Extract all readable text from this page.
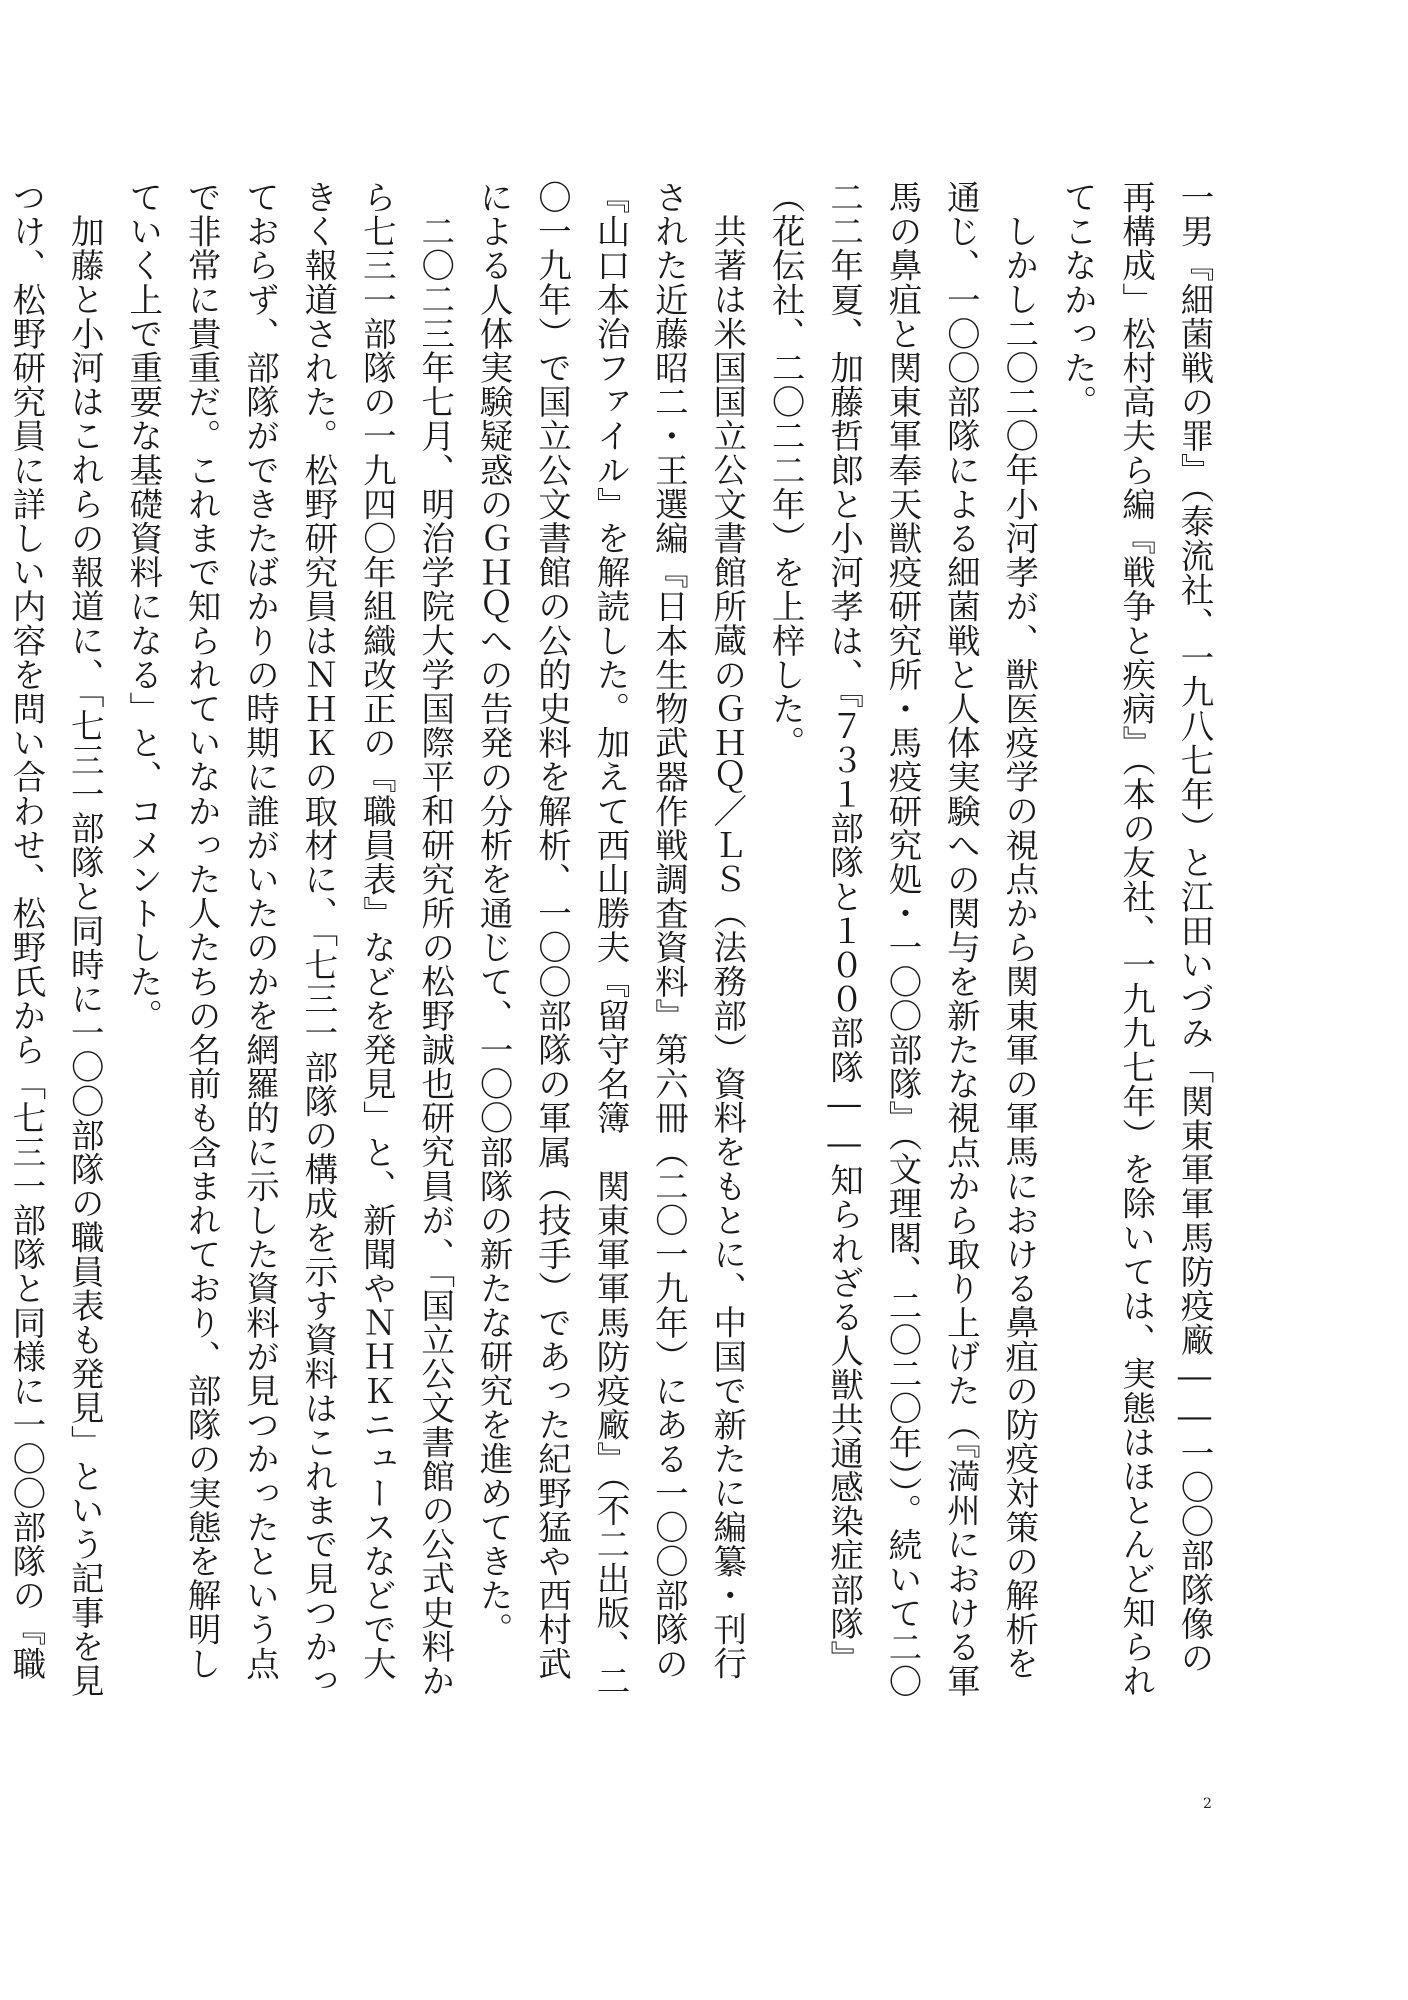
一男『細菌戦の罪』（泰流社、一九八七年）と江田いづみ「関東軍軍馬防疫廠――一〇〇部隊像の再構成」松村高夫ら編『戦争と疾病』（本の友社、一九九七年）を除いては、実態はほとんど知られてこなかった。

しかし二〇二〇年小河孝が、獣医疫学の視点から関東軍の軍馬における鼻疽の防疫対策の解析を通じ、一〇〇部隊による細菌戦と人体実験への関与を新たな視点から取り上げた（『満州における軍馬の鼻疽と関東軍奉天獣疫研究所・馬疫研究処・一〇〇部隊』（文理閣、二〇二〇年））。続いて二〇二二年夏、加藤哲郎と小河孝は、『７３１部隊と１００部隊――知られざる人獣共通感染症部隊』（花伝社、二〇二二年）を上梓した。

共著は米国国立公文書館所蔵のＧＨＱ／ＬＳ（法務部）資料をもとに、中国で新たに編纂・刊行された近藤昭二・王選編『日本生物武器作戦調査資料』第六冊（二〇一九年）にある一〇〇部隊の『山口本治ファイル』を解読した。加えて西山勝夫『留守名簿　関東軍軍馬防疫廠』（不二出版、二〇一九年）で国立公文書館の公的史料を解析、一〇〇部隊の軍属（技手）であった紀野猛や西村武による人体実験疑惑のＧＨＱへの告発の分析を通じて、一〇〇部隊の新たな研究を進めてきた。

二〇二三年七月、明治学院大学国際平和研究所の松野誠也研究員が、「国立公文書館の公式史料から七三一部隊の一九四〇年組織改正の『職員表』などを発見」と、新聞やＮＨＫニュースなどで大きく報道された。松野研究員はＮＨＫの取材に、「七三一部隊の構成を示す資料はこれまで見つかっておらず、部隊ができたばかりの時期に誰がいたのかを網羅的に示した資料が見つかったという点で非常に貴重だ。これまで知られていなかった人たちの名前も含まれており、部隊の実態を解明していく上で重要な基礎資料になる」と、コメントした。

加藤と小河はこれらの報道に、「七三一部隊と同時に一〇〇部隊の職員表も発見」という記事を見つけ、松野研究員に詳しい内容を問い合わせ、松野氏から「七三一部隊と同様に一〇〇部隊の『職

2
